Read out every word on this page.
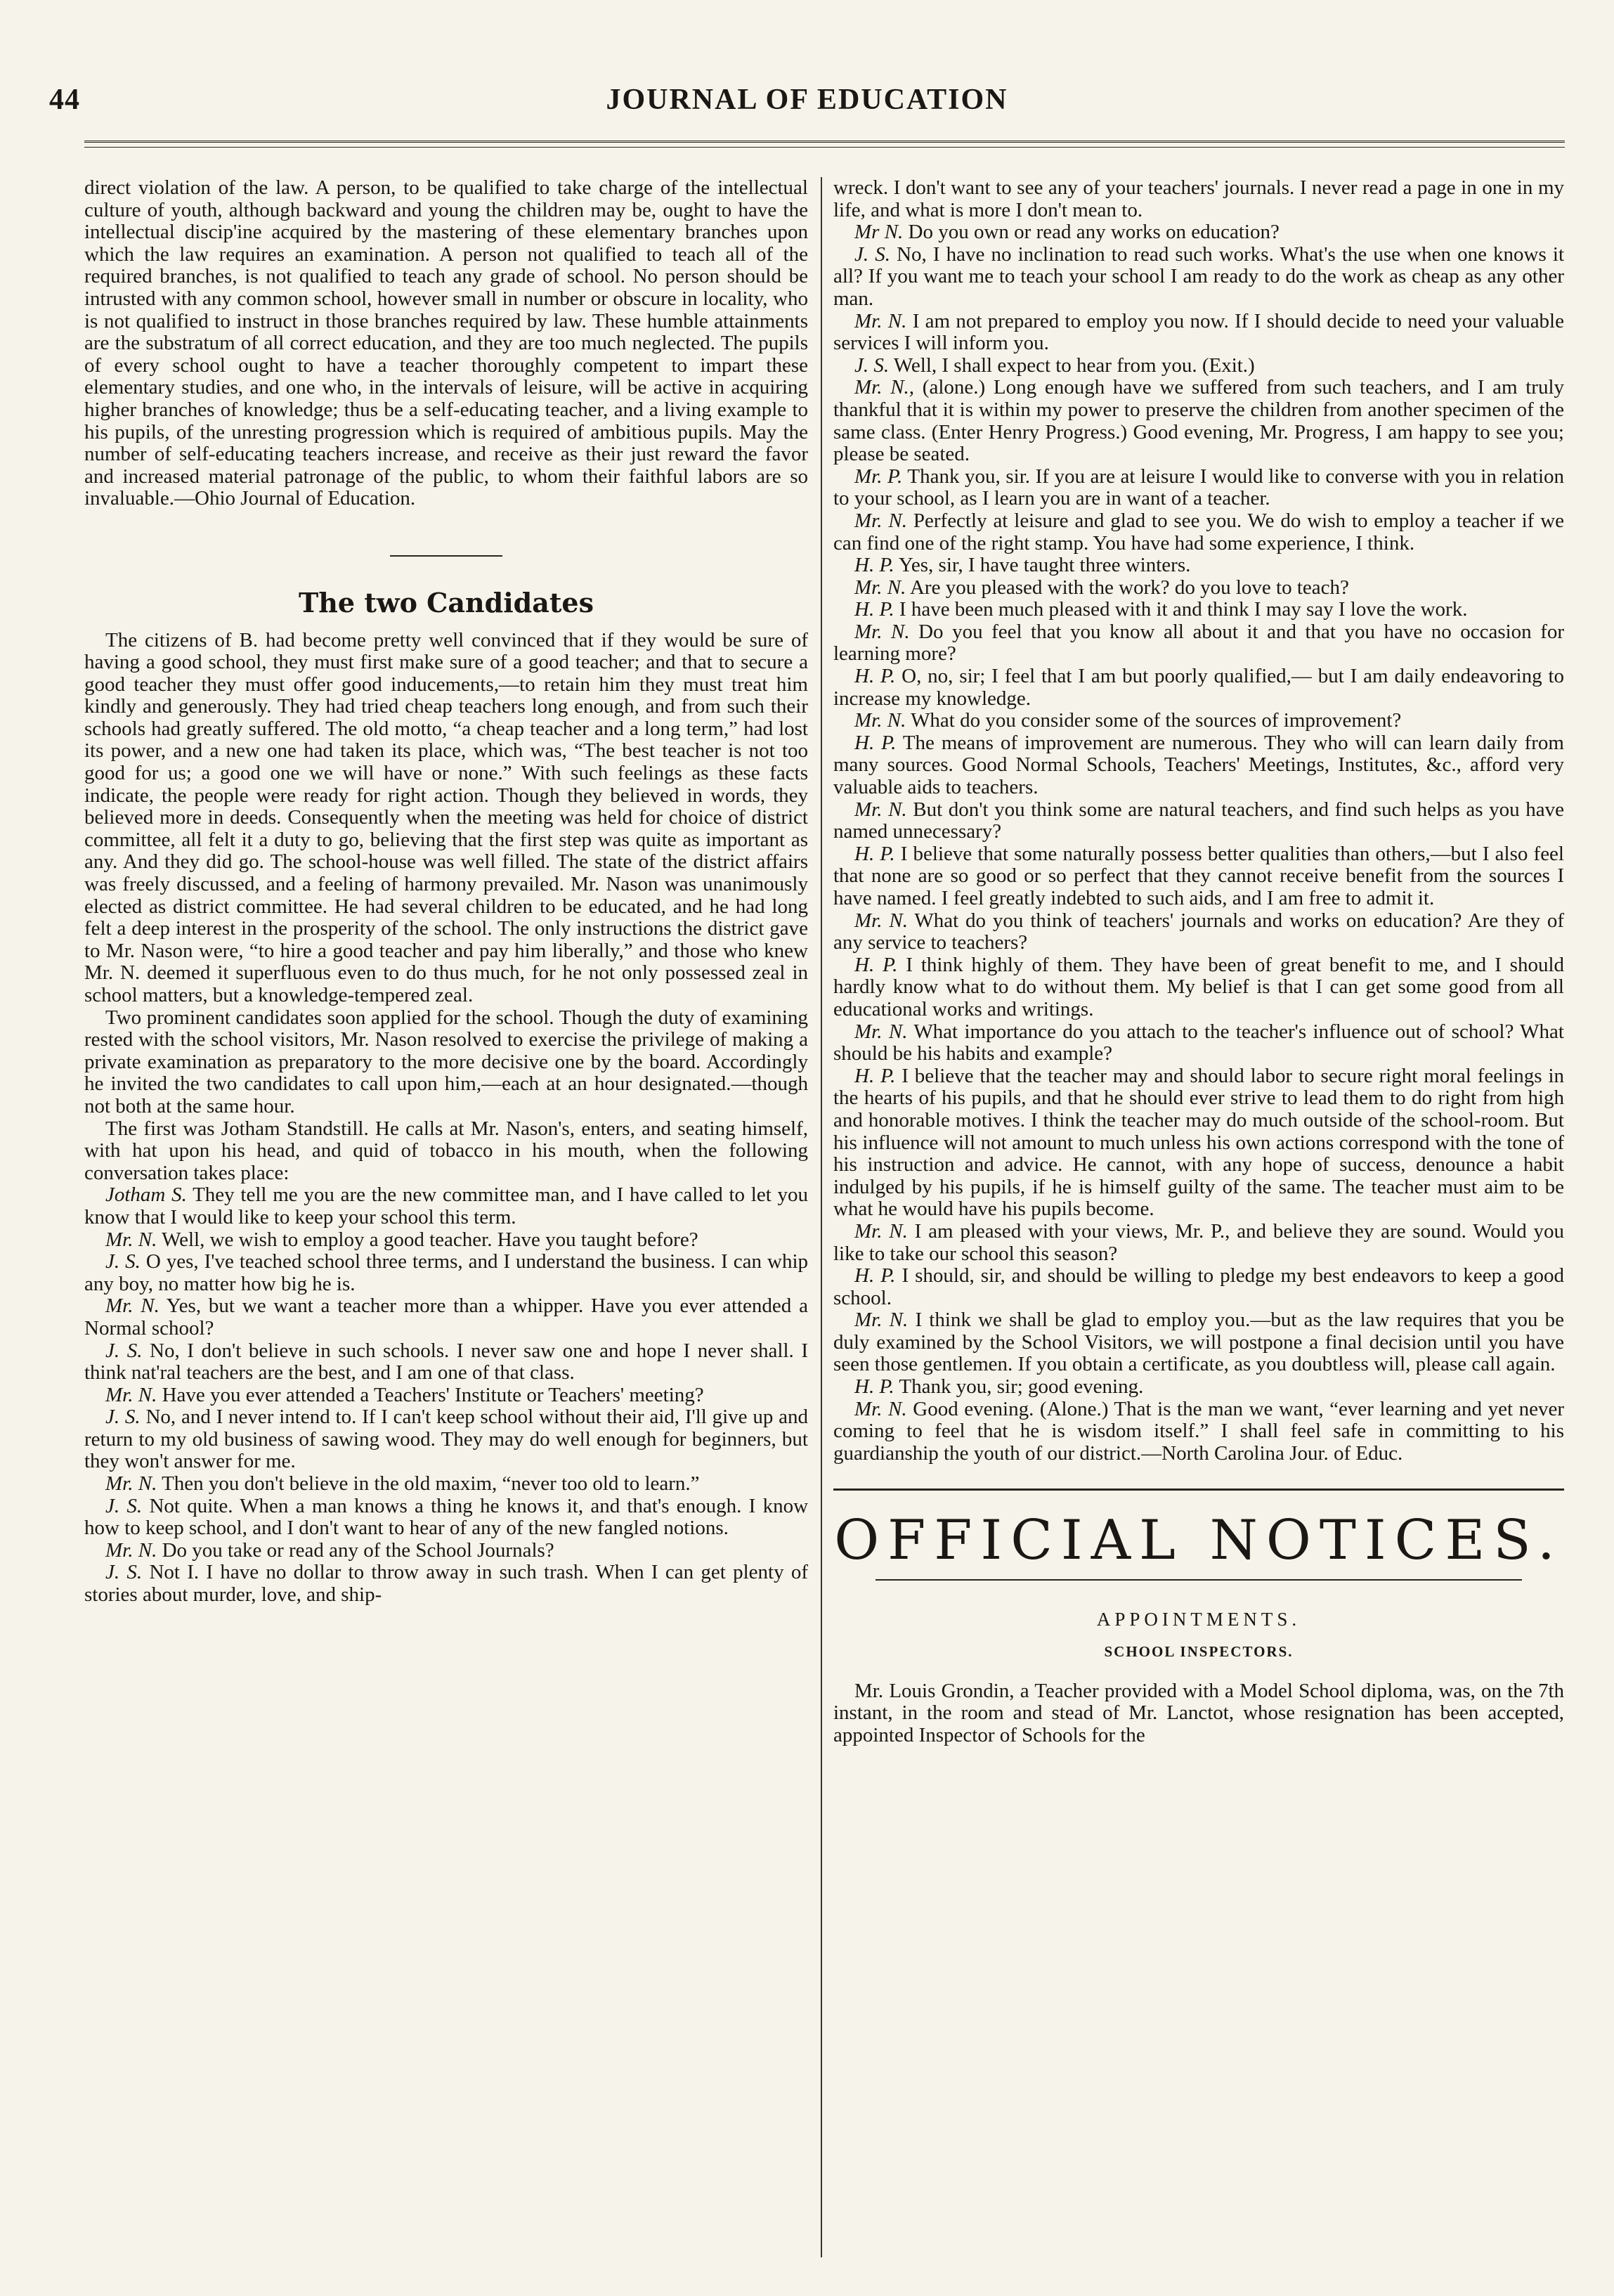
44	JOURNAL OF EDUCATION

direct violation of the law. A person, to be qualified to take charge of the intellectual culture of youth, although backward and young the children may be, ought to have the intellectual discip'ine acquired by the mastering of these elementary branches upon which the law requires an examination. A person not qualified to teach all of the required branches, is not qualified to teach any grade of school. No person should be intrusted with any common school, however small in number or obscure in locality, who is not qualified to instruct in those branches required by law. These humble attainments are the substratum of all correct education, and they are too much neglected. The pupils of every school ought to have a teacher thoroughly competent to impart these elementary studies, and one who, in the intervals of leisure, will be active in acquiring higher branches of knowledge; thus be a self-educating teacher, and a living example to his pupils, of the unresting progression which is required of ambitious pupils. May the number of self-educating teachers increase, and receive as their just reward the favor and increased material patronage of the public, to whom their faithful labors are so invaluable.—Ohio Journal of Education.

The two Candidates

The citizens of B. had become pretty well convinced that if they would be sure of having a good school, they must first make sure of a good teacher; and that to secure a good teacher they must offer good inducements,—to retain him they must treat him kindly and generously. They had tried cheap teachers long enough, and from such their schools had greatly suffered. The old motto, “a cheap teacher and a long term,” had lost its power, and a new one had taken its place, which was, “The best teacher is not too good for us; a good one we will have or none.” With such feelings as these facts indicate, the people were ready for right action. Though they believed in words, they believed more in deeds. Consequently when the meeting was held for choice of district committee, all felt it a duty to go, believing that the first step was quite as important as any. And they did go. The school-house was well filled. The state of the district affairs was freely discussed, and a feeling of harmony prevailed. Mr. Nason was unanimously elected as district committee. He had several children to be educated, and he had long felt a deep interest in the prosperity of the school. The only instructions the district gave to Mr. Nason were, “to hire a good teacher and pay him liberally,” and those who knew Mr. N. deemed it superfluous even to do thus much, for he not only possessed zeal in school matters, but a knowledge-tempered zeal.

Two prominent candidates soon applied for the school. Though the duty of examining rested with the school visitors, Mr. Nason resolved to exercise the privilege of making a private examination as preparatory to the more decisive one by the board. Accordingly he invited the two candidates to call upon him,—each at an hour designated.—though not both at the same hour.

The first was Jotham Standstill. He calls at Mr. Nason's, enters, and seating himself, with hat upon his head, and quid of tobacco in his mouth, when the following conversation takes place:

Jotham S. They tell me you are the new committee man, and I have called to let you know that I would like to keep your school this term.

Mr. N. Well, we wish to employ a good teacher. Have you taught before?

J. S. O yes, I've teached school three terms, and I understand the business. I can whip any boy, no matter how big he is.

Mr. N. Yes, but we want a teacher more than a whipper. Have you ever attended a Normal school?

J. S. No, I don't believe in such schools. I never saw one and hope I never shall. I think nat'ral teachers are the best, and I am one of that class.

Mr. N. Have you ever attended a Teachers' Institute or Teachers' meeting?

J. S. No, and I never intend to. If I can't keep school without their aid, I'll give up and return to my old business of sawing wood. They may do well enough for beginners, but they won't answer for me.

Mr. N. Then you don't believe in the old maxim, “never too old to learn.”

J. S. Not quite. When a man knows a thing he knows it, and that's enough. I know how to keep school, and I don't want to hear of any of the new fangled notions.

Mr. N. Do you take or read any of the School Journals?

J. S. Not I. I have no dollar to throw away in such trash. When I can get plenty of stories about murder, love, and ship-

wreck. I don't want to see any of your teachers' journals. I never read a page in one in my life, and what is more I don't mean to.

Mr N. Do you own or read any works on education?

J. S. No, I have no inclination to read such works. What's the use when one knows it all? If you want me to teach your school I am ready to do the work as cheap as any other man.

Mr. N. I am not prepared to employ you now. If I should decide to need your valuable services I will inform you.

J. S. Well, I shall expect to hear from you. (Exit.)

Mr. N., (alone.) Long enough have we suffered from such teachers, and I am truly thankful that it is within my power to preserve the children from another specimen of the same class. (Enter Henry Progress.) Good evening, Mr. Progress, I am happy to see you; please be seated.

Mr. P. Thank you, sir. If you are at leisure I would like to converse with you in relation to your school, as I learn you are in want of a teacher.

Mr. N. Perfectly at leisure and glad to see you. We do wish to employ a teacher if we can find one of the right stamp. You have had some experience, I think.

H. P. Yes, sir, I have taught three winters.

Mr. N. Are you pleased with the work? do you love to teach?

H. P. I have been much pleased with it and think I may say I love the work.

Mr. N. Do you feel that you know all about it and that you have no occasion for learning more?

H. P. O, no, sir; I feel that I am but poorly qualified,— but I am daily endeavoring to increase my knowledge.

Mr. N. What do you consider some of the sources of improvement?

H. P. The means of improvement are numerous. They who will can learn daily from many sources. Good Normal Schools, Teachers' Meetings, Institutes, &c., afford very valuable aids to teachers.

Mr. N. But don't you think some are natural teachers, and find such helps as you have named unnecessary?

H. P. I believe that some naturally possess better qualities than others,—but I also feel that none are so good or so perfect that they cannot receive benefit from the sources I have named. I feel greatly indebted to such aids, and I am free to admit it.

Mr. N. What do you think of teachers' journals and works on education? Are they of any service to teachers?

H. P. I think highly of them. They have been of great benefit to me, and I should hardly know what to do without them. My belief is that I can get some good from all educational works and writings.

Mr. N. What importance do you attach to the teacher's influence out of school? What should be his habits and example?

H. P. I believe that the teacher may and should labor to secure right moral feelings in the hearts of his pupils, and that he should ever strive to lead them to do right from high and honorable motives. I think the teacher may do much outside of the school-room. But his influence will not amount to much unless his own actions correspond with the tone of his instruction and advice. He cannot, with any hope of success, denounce a habit indulged by his pupils, if he is himself guilty of the same. The teacher must aim to be what he would have his pupils become.

Mr. N. I am pleased with your views, Mr. P., and believe they are sound. Would you like to take our school this season?

H. P. I should, sir, and should be willing to pledge my best endeavors to keep a good school.

Mr. N. I think we shall be glad to employ you.—but as the law requires that you be duly examined by the School Visitors, we will postpone a final decision until you have seen those gentlemen. If you obtain a certificate, as you doubtless will, please call again.

H. P. Thank you, sir; good evening.

Mr. N. Good evening. (Alone.) That is the man we want, “ever learning and yet never coming to feel that he is wisdom itself.” I shall feel safe in committing to his guardianship the youth of our district.—North Carolina Jour. of Educ.

OFFICIAL NOTICES.
APPOINTMENTS.
SCHOOL INSPECTORS.

Mr. Louis Grondin, a Teacher provided with a Model School diploma, was, on the 7th instant, in the room and stead of Mr. Lanctot, whose resignation has been accepted, appointed Inspector of Schools for the
